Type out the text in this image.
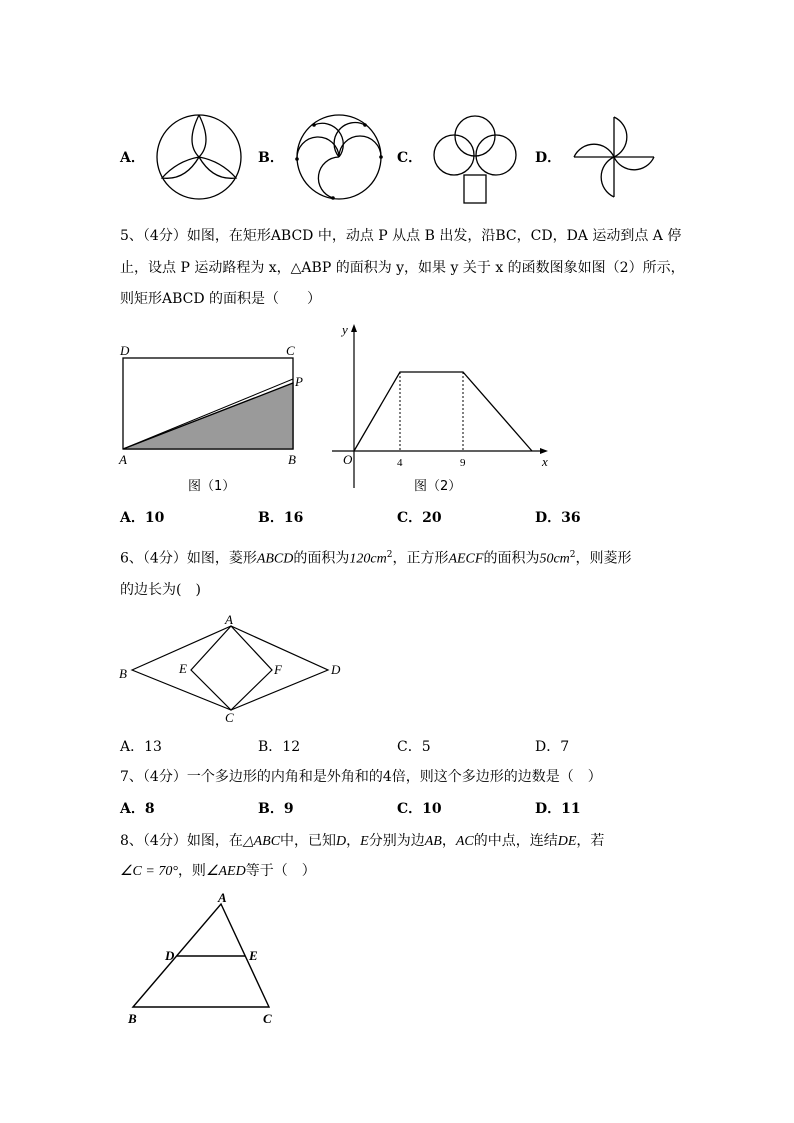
A．	B．	C．	D．
5、（4分）如图，在矩形ABCD 中，动点 P 从点 B 出发，沿BC，CD，DA 运动到点 A 停
止，设点 P 运动路程为 x，△ABP 的面积为 y，如果 y 关于 x 的函数图象如图（2）所示，
则矩形ABCD 的面积是（　　）
D	C
P
A	B
图（1）
y
x
O	4	9
图（2）
A．10	B．16	C．20	D．36
6、（4分）如图，菱形ABCD的面积为$120cm^2$，正方形AECF的面积为$50cm^2$，则菱形
的边长为(　)
A
B	D
C
E	F
A．13	B．12	C．5	D．7
7、（4分）一个多边形的内角和是外角和的4倍，则这个多边形的边数是（　）
A．8	B．9	C．10	D．11
8、（4分）如图，在△ABC中，已知D，E分别为边AB，AC的中点，连结DE，若
∠C = 70°，则∠AED等于（　）
A
D	E
B	C
